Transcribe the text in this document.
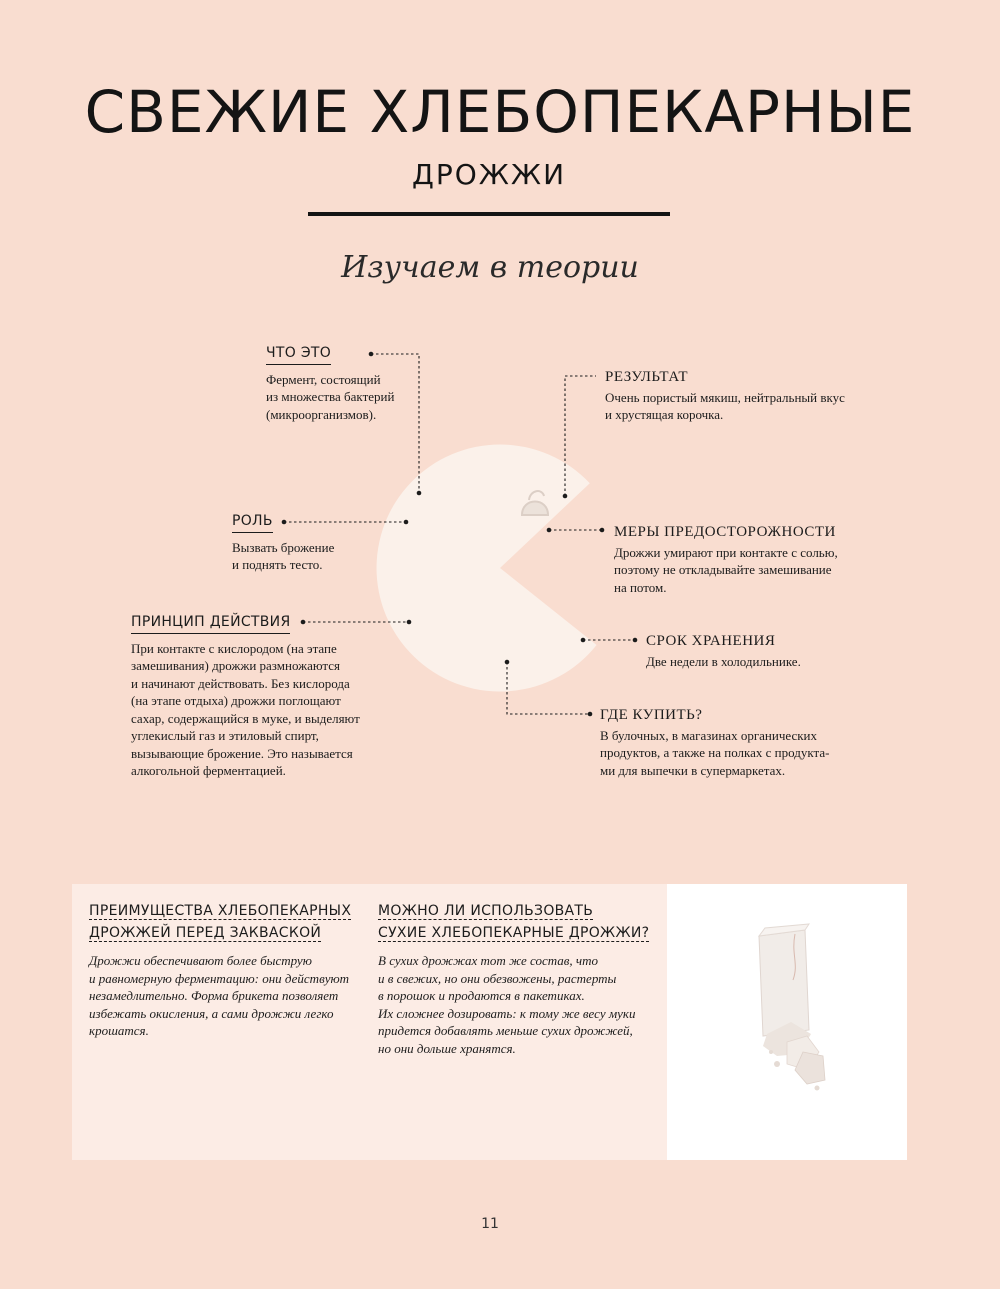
СВЕЖИЕ ХЛЕБОПЕКАРНЫЕ
ДРОЖЖИ
Изучаем в теории
ЧТО ЭТО
Фермент, состоящий
из множества бактерий
(микроорганизмов).
РОЛЬ
Вызвать брожение
и поднять тесто.
ПРИНЦИП ДЕЙСТВИЯ
При контакте с кислородом (на этапе
замешивания) дрожжи размножаются
и начинают действовать. Без кислорода
(на этапе отдыха) дрожжи поглощают
сахар, содержащийся в муке, и выделяют
углекислый газ и этиловый спирт,
вызывающие брожение. Это называется
алкогольной ферментацией.
РЕЗУЛЬТАТ
Очень пористый мякиш, нейтральный вкус
и хрустящая корочка.
МЕРЫ ПРЕДОСТОРОЖНОСТИ
Дрожжи умирают при контакте с солью,
поэтому не откладывайте замешивание
на потом.
СРОК ХРАНЕНИЯ
Две недели в холодильнике.
ГДЕ КУПИТЬ?
В булочных, в магазинах органических
продуктов, а также на полках с продукта-
ми для выпечки в супермаркетах.
ПРЕИМУЩЕСТВА ХЛЕБОПЕКАРНЫХ
ДРОЖЖЕЙ ПЕРЕД ЗАКВАСКОЙ
Дрожжи обеспечивают более быструю
и равномерную ферментацию: они действуют
незамедлительно. Форма брикета позволяет
избежать окисления, а сами дрожжи легко
крошатся.
МОЖНО ЛИ ИСПОЛЬЗОВАТЬ
СУХИЕ ХЛЕБОПЕКАРНЫЕ ДРОЖЖИ?
В сухих дрожжах тот же состав, что
и в свежих, но они обезвожены, растерты
в порошок и продаются в пакетиках.
Их сложнее дозировать: к тому же весу муки
придется добавлять меньше сухих дрожжей,
но они дольше хранятся.
11
